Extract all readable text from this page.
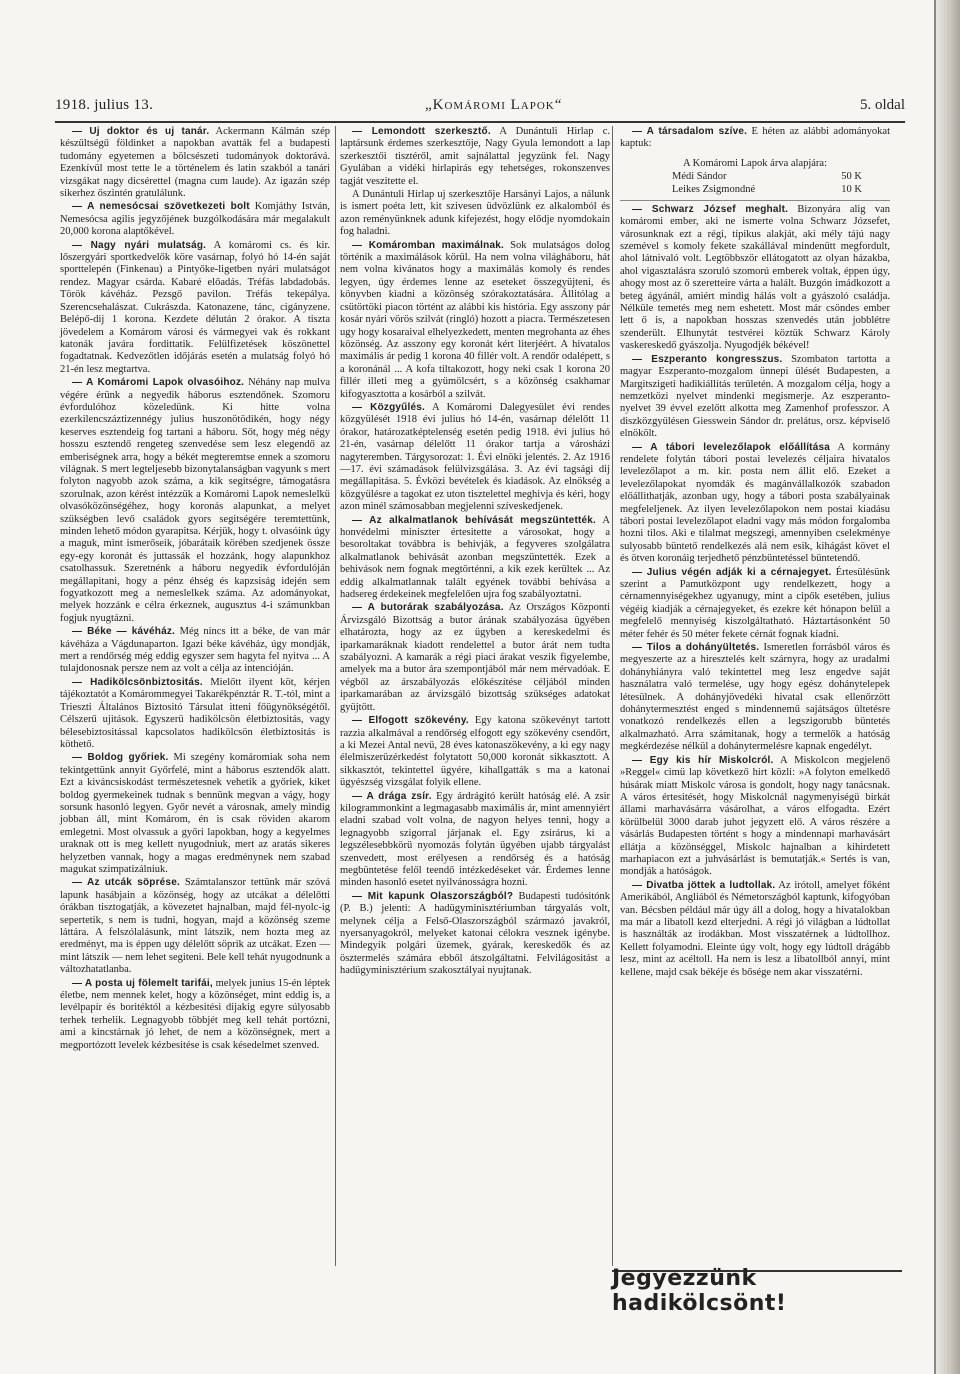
1918. julius 13.	„Komáromi Lapok“	5. oldal

— Uj doktor és uj tanár. Ackermann Kálmán szép készültségű földinket a napokban avatták fel a budapesti tudomány egyetemen a bölcsészeti tudományok doktorává. Ezenkívül most tette le a történelem és latin szakból a tanári vizsgákat nagy dicsérettel (magna cum laude). Az igazán szép sikerhez őszintén gratulálunk.

— A nemesócsai szövetkezeti bolt Komjáthy István, Nemesócsa agilis jegyzőjének buzgólkodására már megalakult 20,000 korona alaptőkével.

— Nagy nyári mulatság. A komáromi cs. és kir. lőszergyári sportkedvelők köre vasárnap, folyó hó 14-én saját sporttelepén (Finkenau) a Pintyőke-ligetben nyári mulatságot rendez. Magyar csárda. Kabaré előadás. Tréfás labdadobás. Török kávéház. Pezsgő pavilon. Tréfás tekepálya. Szerencsehalászat. Cukrászda. Katonazene, tánc, cigányzene. Belépő-dij 1 korona. Kezdete délután 2 órakor. A tiszta jövedelem a Komárom városi és vármegyei vak és rokkant katonák javára fordittatik. Felülfizetések köszönettel fogadtatnak. Kedvezőtlen időjárás esetén a mulatság folyó hó 21-én lesz megtartva.

— A Komáromi Lapok olvasóihoz. Néhány nap mulva végére érünk a negyedik háborus esztendőnek. Szomoru évfordulóhoz közeledünk. Ki hitte volna ezerkilencszáztizennégy julius huszonötödikén, hogy négy keserves esztendeig fog tartani a háboru. Sőt, hogy még négy hosszu esztendő rengeteg szenvedése sem lesz elegendő az emberiségnek arra, hogy a békét megteremtse ennek a szomoru világnak. S mert legteljesebb bizonytalanságban vagyunk s mert folyton nagyobb azok száma, a kik segitségre, támogatásra szorulnak, azon kérést intézzük a Komáromi Lapok nemeslelkü olvasóközönségéhez, hogy koronás alapunkat, a melyet szükségben levő családok gyors segitségére teremtettünk, minden lehető módon gyarapitsa. Kérjük, hogy t. olvasóink úgy a maguk, mint ismerőseik, jóbarátaik körében szedjenek össze egy-egy koronát és juttassák el hozzánk, hogy alapunkhoz csatolhassuk. Szeretnénk a háboru negyedik évfordulóján megállapitani, hogy a pénz éhség és kapzsiság idején sem fogyatkozott meg a nemeslelkek száma. Az adományokat, melyek hozzánk e célra érkeznek, augusztus 4-i számunkban fogjuk nyugtázni.

— Béke — kávéház. Még nincs itt a béke, de van már kávéháza a Vágdunaparton. Igazi béke kávéház, úgy mondják, mert a rendőrség még eddig egyszer sem hagyta fel nyitva ... A tulajdonosnak persze nem az volt a célja az intencióján.

— Hadikölcsönbiztositás. Mielőtt ilyent köt, kérjen tájékoztatót a Komárommegyei Takarékpénztár R. T.-tól, mint a Trieszti Általános Biztositó Társulat itteni főügynökségétől. Célszerű ujitások. Egyszerü hadikölcsön életbiztositás, vagy bélesebiztositással kapcsolatos hadikölcsön életbiztositás is köthető.

— Boldog győriek. Mi szegény komáromiak soha nem tekintgettünk annyit Győrfelé, mint a háborus esztendők alatt. Ezt a kiváncsiskodást természetesnek vehetik a győriek, kiket boldog gyermekeinek tudnak s bennünk megvan a vágy, hogy sorsunk hasonló legyen. Győr nevét a városnak, amely mindig jobban áll, mint Komárom, én is csak röviden akarom emlegetni. Most olvassuk a győri lapokban, hogy a kegyelmes uraknak ott is meg kellett nyugodniuk, mert az aratás sikeres helyzetben vannak, hogy a magas eredménynek nem szabad magukat szimpatizálniuk.

— Az utcák söprése. Számtalanszor tettünk már szóvá lapunk hasábjain a közönség, hogy az utcákat a délelőtti órákban tisztogatják, a kövezetet hajnalban, majd fél-nyolc-ig sepertetik, s nem is tudni, hogyan, majd a közönség szeme láttára. A felszólalásunk, mint látszik, nem hozta meg az eredményt, ma is éppen ugy délelőtt söprik az utcákat. Ezen — mint látszik — nem lehet segiteni. Bele kell tehát nyugodnunk a változhatatlanba.

— A posta uj fölemelt tarifái, melyek junius 15-én léptek életbe, nem mennek kelet, hogy a közönséget, mint eddig is, a levélpapír és boritéktól a kézbesitési dijakig egyre súlyosabb terhek terhelik. Legnagyobb többjét meg kell tehát portózni, ami a kincstárnak jó lehet, de nem a közönségnek, mert a megportózott levelek kézbesitése is csak késedelmet szenved.

— Lemondott szerkesztő. A Dunántuli Hirlap c. laptársunk érdemes szerkesztője, Nagy Gyula lemondott a lap szerkesztői tisztéről, amit sajnálattal jegyzünk fel. Nagy Gyulában a vidéki hirlapirás egy tehetséges, rokonszenves tagját veszitette el.

A Dunántuli Hirlap uj szerkesztője Harsányi Lajos, a nálunk is ismert poéta lett, kit szivesen üdvözlünk ez alkalomból és azon reményünknek adunk kifejezést, hogy elődje nyomdokain fog haladni.

— Komáromban maximálnak. Sok mulatságos dolog történik a maximálások körül. Ha nem volna világháboru, hát nem volna kivánatos hogy a maximálás komoly és rendes legyen, úgy érdemes lenne az eseteket összegyüjteni, és könyvben kiadni a közönség szórakoztatására. Állitólag a csütörtöki piacon történt az alábbi kis história. Egy asszony pár kosár nyári vörös szilvát (ringló) hozott a piacra. Természetesen ugy hogy kosaraival elhelyezkedett, menten megrohanta az éhes közönség. Az asszony egy koronát kért literjéért. A hivatalos maximális ár pedig 1 korona 40 fillér volt. A rendőr odalépett, s a koronánál ... A kofa tiltakozott, hogy neki csak 1 korona 20 fillér illeti meg a gyümölcsért, s a közönség csakhamar kifogyasztotta a kosárból a szilvát.

— Közgyűlés. A Komáromi Dalegyesület évi rendes közgyülését 1918 évi julius hó 14-én, vasárnap délelőtt 11 órakor, határozatképtelenség esetén pedig 1918. évi julius hó 21-én, vasárnap délelőtt 11 órakor tartja a városházi nagyteremben. Tárgysorozat: 1. Évi elnöki jelentés. 2. Az 1916—17. évi számadások felülvizsgálása. 3. Az évi tagsági dij megállapitása. 5. Évközi bevételek és kiadások. Az elnökség a közgyülésre a tagokat ez uton tisztelettel meghivja és kéri, hogy azon minél számosabban megjelenni szíveskedjenek.

— Az alkalmatlanok behívását megszüntették. A honvédelmi miniszter értesitette a városokat, hogy a besoroltakat továbbra is behivják, a fegyveres szolgálatra alkalmatlanok behivását azonban megszüntették. Ezek a behivások nem fognak megtörténni, a kik ezek kerültek ... Az eddig alkalmatlannak talált egyének további behívása a hadsereg érdekeinek megfelelően ujra fog szabályoztatni.

— A butorárak szabályozása. Az Országos Központi Árvizsgáló Bizottság a butor árának szabályozása ügyében elhatározta, hogy az ez ügyben a kereskedelmi és iparkamaráknak kiadott rendelettel a butor árát nem tudta szabályozni. A kamarák a régi piaci árakat veszik figyelembe, amelyek ma a butor ára szempontjából már nem mérvadóak. E végből az árszabályozás előkészítése céljából minden iparkamarában az árvizsgáló bizottság szükséges adatokat gyüjtött.

— Elfogott szökevény. Egy katona szökevényt tartott razzia alkalmával a rendőrség elfogott egy szökevény csendőrt, a ki Mezei Antal nevü, 28 éves katonaszökevény, a ki egy nagy élelmiszerüzérkedést folytatott 50,000 koronát sikkasztott. A sikkasztót, tekintettel ügyére, kihallgatták s ma a katonai ügyészség vizsgálat folyik ellene.

— A drága zsír. Egy árdrágitó került hatóság elé. A zsir kilogrammonkint a legmagasabb maximális ár, mint amennyiért eladni szabad volt volna, de nagyon helyes tenni, hogy a legnagyobb szigorral járjanak el. Egy zsirárus, ki a legszélesebbkörü nyomozás folytán ügyében ujabb tárgyalást szenvedett, most erélyesen a rendőrség és a hatóság megbüntetése felől teendő intézkedéseket vár. Érdemes lenne minden hasonló esetet nyilvánosságra hozni.

— Mit kapunk Olaszországból? Budapesti tudósitónk (P. B.) jelenti: A hadügyminisztériumban tárgyalás volt, melynek célja a Felső-Olaszországból származó javakról, nyersanyagokról, melyeket katonai célokra vesznek igénybe. Mindegyik polgári üzemek, gyárak, kereskedők és az ösztermelés számára ebből átszolgáltatni. Felvilágositást a hadügyminisztérium szakosztályai nyujtanak.

— A társadalom szíve. E héten az alábbi adományokat kaptuk:

A Komáromi Lapok árva alapjára:
Médi Sándor	50 K
Leikes Zsigmondné	10 K

— Schwarz József meghalt. Bizonyára alig van komáromi ember, aki ne ismerte volna Schwarz Józsefet, városunknak ezt a régi, tipikus alakját, aki mély tájú nagy szemével s komoly fekete szakállával mindenütt megfordult, ahol látnivaló volt. Legtöbbször ellátogatott az olyan házakba, ahol vigasztalásra szoruló szomorú emberek voltak, éppen úgy, ahogy most az ő szeretteire várta a halált. Buzgón imádkozott a beteg ágyánál, amiért mindig hálás volt a gyászoló családja. Nélküle temetés meg nem eshetett. Most már csöndes ember lett ő is, a napokban hosszas szenvedés után jobblétre szenderült. Elhunytát testvérei köztük Schwarz Károly vaskereskedő gyászolja. Nyugodjék békével!

— Eszperanto kongresszus. Szombaton tartotta a magyar Eszperanto-mozgalom ünnepi ülését Budapesten, a Margitszigeti hadikiállítás területén. A mozgalom célja, hogy a nemzetközi nyelvet mindenki megismerje. Az eszperanto-nyelvet 39 évvel ezelőtt alkotta meg Zamenhof professzor. A diszközgyülésen Giesswein Sándor dr. prelátus, orsz. képviselő elnökölt.

— A tábori levelezőlapok előállítása A kormány rendelete folytán tábori postai levelezés céljaira hivatalos levelezőlapot a m. kir. posta nem állit elő. Ezeket a levelezőlapokat nyomdák és magánvállalkozók szabadon előállithatják, azonban ugy, hogy a tábori posta szabályainak megfeleljenek. Az ilyen levelezőlapokon nem postai kiadásu tábori postai levelezőlapot eladni vagy más módon forgalomba hozni tilos. Aki e tilalmat megszegi, amennyiben cselekménye sulyosabb büntető rendelkezés alá nem esik, kihágást követ el és ötven koronáig terjedhető pénzbüntetéssel büntetendő.

— Julius végén adják ki a cérnajegyet. Értesülésünk szerint a Pamutközpont ugy rendelkezett, hogy a cérnamennyiségekhez ugyanugy, mint a cipők esetében, julius végéig kiadják a cérnajegyeket, és ezekre két hónapon belül a megfelelő mennyiség kiszolgáltatható. Háztartásonként 50 méter fehér és 50 méter fekete cérnát fognak kiadni.

— Tilos a dohányültetés. Ismeretlen forrásból város és megyeszerte az a hiresztelés kelt szárnyra, hogy az uradalmi dohányhiányra való tekintettel meg lesz engedve saját használatra való termelése, ugy hogy egész dohánytelepek létesülnek. A dohányjövedéki hivatal csak ellenőrzött dohánytermesztést enged s mindennemű sajátságos ültetésre vonatkozó rendelkezés ellen a legszigorubb büntetés alkalmazható. Arra számitanak, hogy a termelők a hatóság megkérdezése nélkül a dohánytermelésre kapnak engedélyt.

— Egy kis hír Miskolcról. A Miskolcon megjelenő »Reggel« cimü lap következő hirt közli: »A folyton emelkedő húsárak miatt Miskolc városa is gondolt, hogy nagy tanácsnak. A város értesitését, hogy Miskolcnál nagymenyiségü birkát állami marhavásárra vásárolhat, a város elfogadta. Ezért körülbelül 3000 darab juhot jegyzett elő. A város részére a vásárlás Budapesten történt s hogy a mindennapi marhavásárt ellátja a közönséggel, Miskolc hajnalban a kihirdetett marhapiacon ezt a juhvásárlást is bemutatják.« Sertés is van, mondják a hatóságok.

— Divatba jöttek a ludtollak. Az irótoll, amelyet főként Amerikából, Angliából és Németországból kaptunk, kifogyóban van. Bécsben például már úgy áll a dolog, hogy a hivatalokban ma már a libatoll kezd elterjedni. A régi jó világban a lúdtollat is használták az irodákban. Most visszatérnek a lúdtollhoz. Kellett folyamodni. Eleinte úgy volt, hogy egy lúdtoll drágább lesz, mint az acéltoll. Ha nem is lesz a libatollból annyi, mint kellene, majd csak békéje és bősége nem akar visszatérni.

Jegyezzünk hadikölcsönt!
